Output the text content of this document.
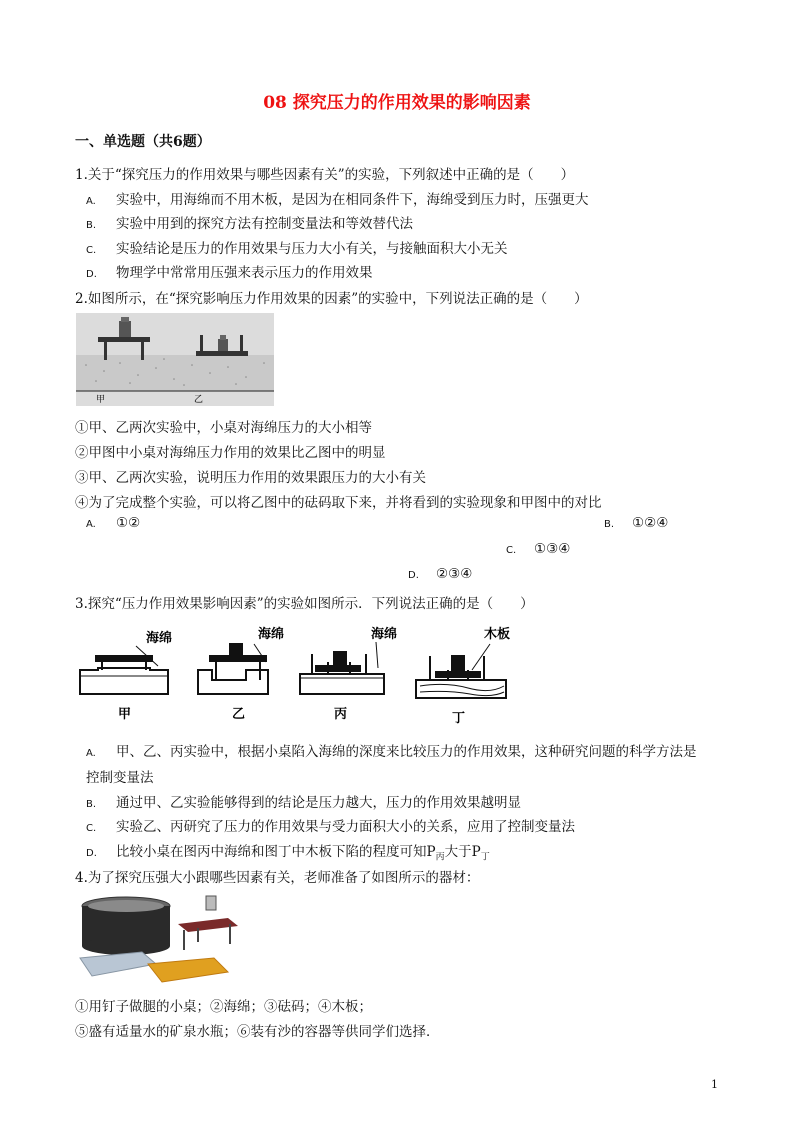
08 探究压力的作用效果的影响因素
一、单选题（共6题）
1.关于“探究压力的作用效果与哪些因素有关”的实验，下列叙述中正确的是（　　）
A. 实验中，用海绵而不用木板，是因为在相同条件下，海绵受到压力时，压强更大
B. 实验中用到的探究方法有控制变量法和等效替代法
C. 实验结论是压力的作用效果与压力大小有关，与接触面积大小无关
D. 物理学中常常用压强来表示压力的作用效果
2.如图所示，在“探究影响压力作用效果的因素”的实验中，下列说法正确的是（　　）
甲	乙
①甲、乙两次实验中，小桌对海绵压力的大小相等
②甲图中小桌对海绵压力作用的效果比乙图中的明显
③甲、乙两次实验，说明压力作用的效果跟压力的大小有关
④为了完成整个实验，可以将乙图中的砝码取下来，并将看到的实验现象和甲图中的对比
A. ①②	B. ①②④
C. ①③④
D. ②③④
3.探究“压力作用效果影响因素”的实验如图所示．下列说法正确的是（　　）
海绵	海绵	海绵	木板
甲	乙	丙	丁
A. 甲、乙、丙实验中，根据小桌陷入海绵的深度来比较压力的作用效果，这种研究问题的科学方法是
控制变量法
B. 通过甲、乙实验能够得到的结论是压力越大，压力的作用效果越明显
C. 实验乙、丙研究了压力的作用效果与受力面积大小的关系，应用了控制变量法
D. 比较小桌在图丙中海绵和图丁中木板下陷的程度可知$P_丙$大于$P_丁$
4.为了探究压强大小跟哪些因素有关，老师准备了如图所示的器材：
①用钉子做腿的小桌；②海绵；③砝码；④木板；
⑤盛有适量水的矿泉水瓶；⑥装有沙的容器等供同学们选择．
1
